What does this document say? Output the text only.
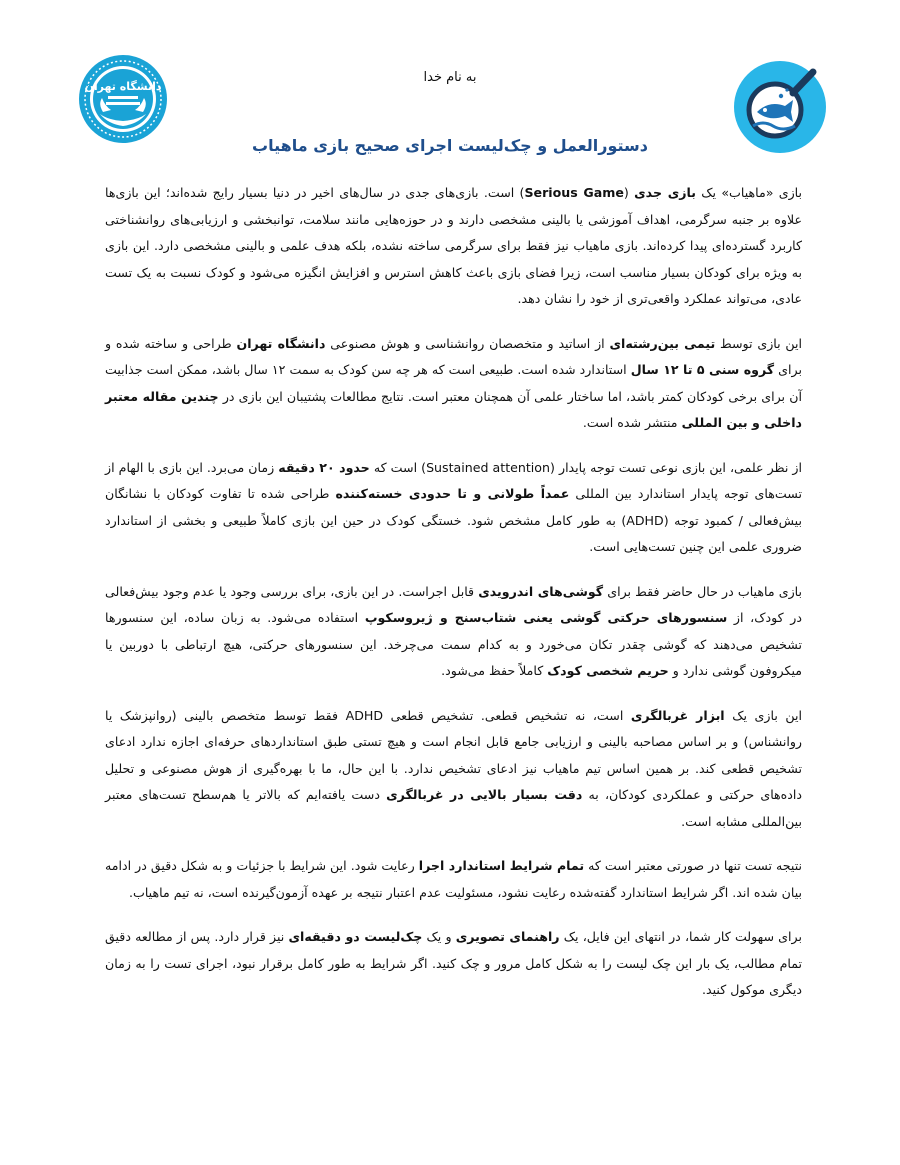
دانشگاه تهران
به نام خدا
دستورالعمل و چک‌لیست اجرای صحیح بازی ماهیاب

بازی «ماهیاب» یک بازی جدی (Serious Game) است. بازی‌های جدی در سال‌های اخیر در دنیا بسیار رایج شده‌اند؛ این بازی‌ها علاوه بر جنبه سرگرمی، اهداف آموزشی یا بالینی مشخصی دارند و در حوزه‌هایی مانند سلامت، توانبخشی و ارزیابی‌های روانشناختی کاربرد گسترده‌ای پیدا کرده‌اند. بازی ماهیاب نیز فقط برای سرگرمی ساخته نشده، بلکه هدف علمی و بالینی مشخصی دارد. این بازی به ویژه برای کودکان بسیار مناسب است، زیرا فضای بازی باعث کاهش استرس و افزایش انگیزه می‌شود و کودک نسبت به یک تست عادی، می‌تواند عملکرد واقعی‌تری از خود را نشان دهد.

این بازی توسط تیمی بین‌رشته‌ای از اساتید و متخصصان روانشناسی و هوش مصنوعی دانشگاه تهران طراحی و ساخته شده و برای گروه سنی ۵ تا ۱۲ سال استاندارد شده است. طبیعی است که هر چه سن کودک به سمت ۱۲ سال باشد، ممکن است جذابیت آن برای برخی کودکان کمتر باشد، اما ساختار علمی آن همچنان معتبر است. نتایج مطالعات پشتیبان این بازی در چندین مقاله معتبر داخلی و بین المللی منتشر شده است.

از نظر علمی، این بازی نوعی تست توجه پایدار (Sustained attention) است که حدود ۲۰ دقیقه زمان می‌برد. این بازی با الهام از تست‌های توجه پایدار استاندارد بین المللی عمداً طولانی و تا حدودی خسته‌کننده طراحی شده تا تفاوت کودکان با نشانگان بیش‌فعالی / کمبود توجه (ADHD) به طور کامل مشخص شود. خستگی کودک در حین این بازی کاملاً طبیعی و بخشی از استاندارد ضروری علمی این چنین تست‌هایی است.

بازی ماهیاب در حال حاضر فقط برای گوشی‌های اندرویدی قابل اجراست. در این بازی، برای بررسی وجود یا عدم وجود بیش‌فعالی در کودک، از سنسورهای حرکتی گوشی یعنی شتاب‌سنج و ژیروسکوپ استفاده می‌شود. به زبان ساده، این سنسورها تشخیص می‌دهند که گوشی چقدر تکان می‌خورد و به کدام سمت می‌چرخد. این سنسورهای حرکتی، هیچ ارتباطی با دوربین یا میکروفون گوشی ندارد و حریم شخصی کودک کاملاً حفظ می‌شود.

این بازی یک ابزار غربالگری است، نه تشخیص قطعی. تشخیص قطعی ADHD فقط توسط متخصص بالینی (روانپزشک یا روانشناس) و بر اساس مصاحبه بالینی و ارزیابی جامع قابل انجام است و هیچ تستی طبق استانداردهای حرفه‌ای اجازه ندارد ادعای تشخیص قطعی کند. بر همین اساس تیم ماهیاب نیز ادعای تشخیص ندارد. با این حال، ما با بهره‌گیری از هوش مصنوعی و تحلیل داده‌های حرکتی و عملکردی کودکان، به دقت بسیار بالایی در غربالگری دست یافته‌ایم که بالاتر یا هم‌سطح تست‌های معتبر بین‌المللی مشابه است.

نتیجه تست تنها در صورتی معتبر است که تمام شرایط استاندارد اجرا رعایت شود. این شرایط با جزئیات و به شکل دقیق در ادامه بیان شده اند. اگر شرایط استاندارد گفته‌شده رعایت نشود، مسئولیت عدم اعتبار نتیجه بر عهده آزمون‌گیرنده است، نه تیم ماهیاب.

برای سهولت کار شما، در انتهای این فایل، یک راهنمای تصویری و یک چک‌لیست دو دقیقه‌ای نیز قرار دارد. پس از مطالعه دقیق تمام مطالب، یک بار این چک لیست را به شکل کامل مرور و چک کنید. اگر شرایط به طور کامل برقرار نبود، اجرای تست را به زمان دیگری موکول کنید.
